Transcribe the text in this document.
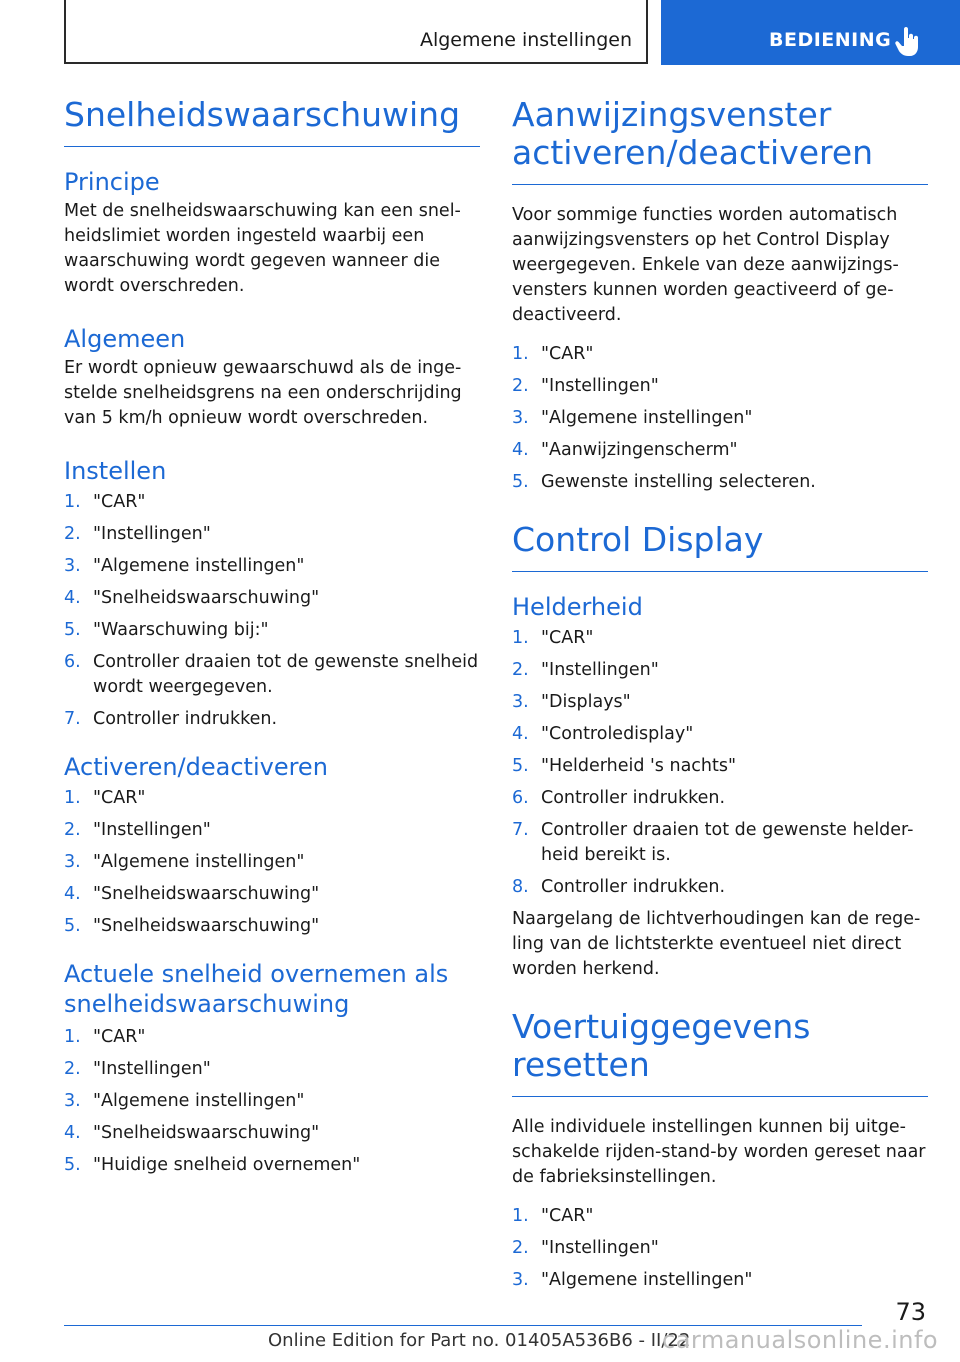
Algemene instellingen	BEDIENING
Snelheidswaarschuwing
Principe

Met de snelheidswaarschuwing kan een snel-heidslimiet worden ingesteld waarbij een waarschuwing wordt gegeven wanneer die wordt overschreden.

Algemeen

Er wordt opnieuw gewaarschuwd als de inge-stelde snelheidsgrens na een onderschrijding van 5 km/h opnieuw wordt overschreden.

Instellen
1. "CAR"
2. "Instellingen"
3. "Algemene instellingen"
4. "Snelheidswaarschuwing"
5. "Waarschuwing bij:"
6. Controller draaien tot de gewenste snelheid wordt weergegeven.
7. Controller indrukken.
Activeren/deactiveren
1. "CAR"
2. "Instellingen"
3. "Algemene instellingen"
4. "Snelheidswaarschuwing"
5. "Snelheidswaarschuwing"
Actuele snelheid overnemen als snelheidswaarschuwing
1. "CAR"
2. "Instellingen"
3. "Algemene instellingen"
4. "Snelheidswaarschuwing"
5. "Huidige snelheid overnemen"
Aanwijzingsvenster activeren/deactiveren

Voor sommige functies worden automatisch aanwijzingsvensters op het Control Display weergegeven. Enkele van deze aanwijzings-vensters kunnen worden geactiveerd of ge-deactiveerd.

1. "CAR"
2. "Instellingen"
3. "Algemene instellingen"
4. "Aanwijzingenscherm"
5. Gewenste instelling selecteren.
Control Display
Helderheid
1. "CAR"
2. "Instellingen"
3. "Displays"
4. "Controledisplay"
5. "Helderheid 's nachts"
6. Controller indrukken.
7. Controller draaien tot de gewenste helder-heid bereikt is.
8. Controller indrukken.

Naargelang de lichtverhoudingen kan de rege-ling van de lichtsterkte eventueel niet direct worden herkend.

Voertuiggegevens resetten

Alle individuele instellingen kunnen bij uitge-schakelde rijden-stand-by worden gereset naar de fabrieksinstellingen.

1. "CAR"
2. "Instellingen"
3. "Algemene instellingen"
73
Online Edition for Part no. 01405A536B6 - II/22
carmanualsonline.info
